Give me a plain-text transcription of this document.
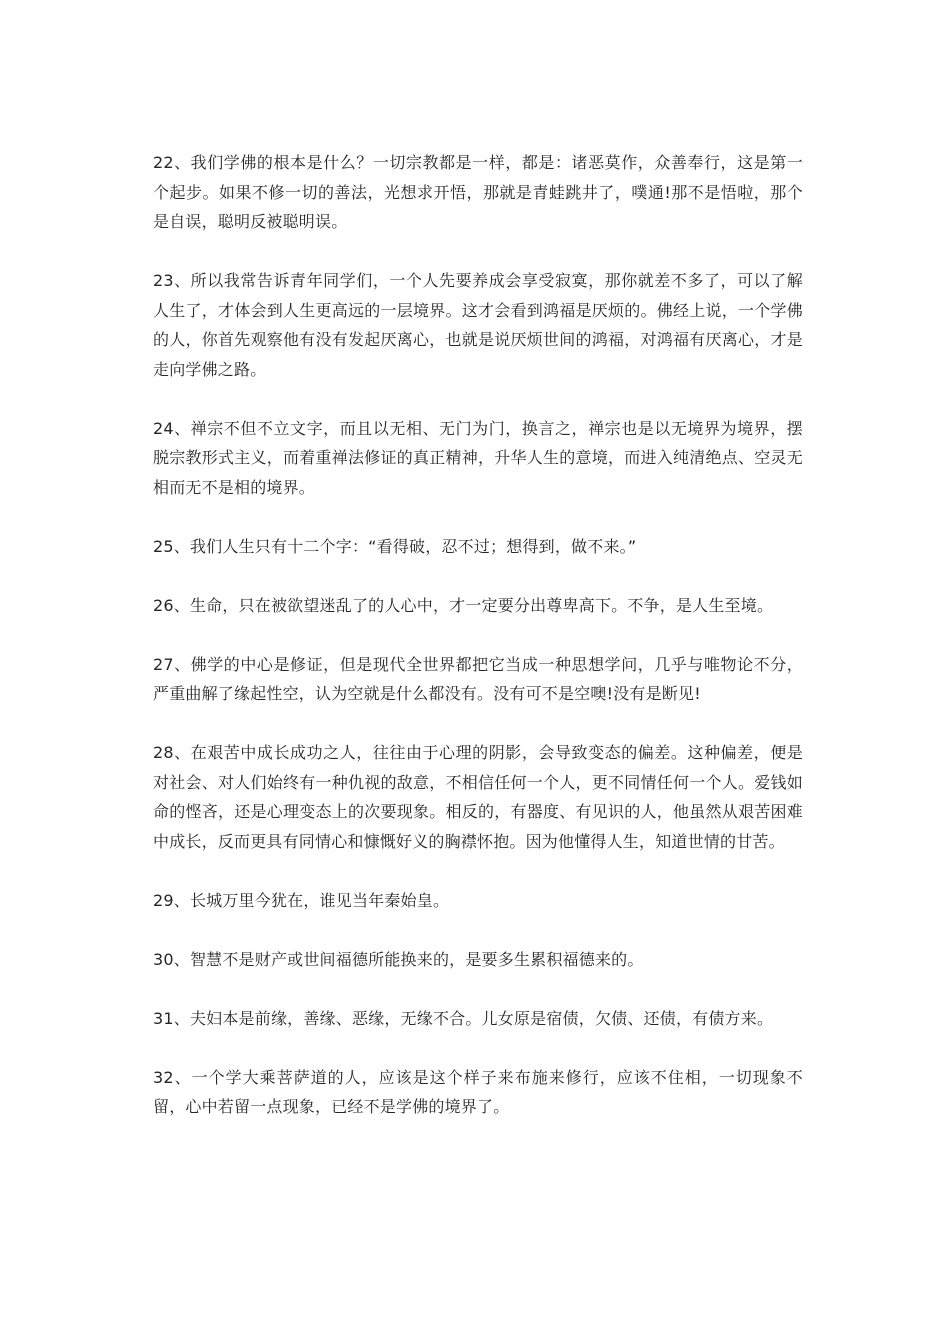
22、我们学佛的根本是什么？一切宗教都是一样，都是：诸恶莫作，众善奉行，这是第一个起步。如果不修一切的善法，光想求开悟，那就是青蛙跳井了，噗通!那不是悟啦，那个是自误，聪明反被聪明误。

23、所以我常告诉青年同学们，一个人先要养成会享受寂寞，那你就差不多了，可以了解人生了，才体会到人生更高远的一层境界。这才会看到鸿福是厌烦的。佛经上说，一个学佛的人，你首先观察他有没有发起厌离心，也就是说厌烦世间的鸿福，对鸿福有厌离心，才是走向学佛之路。

24、禅宗不但不立文字，而且以无相、无门为门，换言之，禅宗也是以无境界为境界，摆脱宗教形式主义，而着重禅法修证的真正精神，升华人生的意境，而进入纯清绝点、空灵无相而无不是相的境界。

25、我们人生只有十二个字：“看得破，忍不过；想得到，做不来。”

26、生命，只在被欲望迷乱了的人心中，才一定要分出尊卑高下。不争，是人生至境。

27、佛学的中心是修证，但是现代全世界都把它当成一种思想学问，几乎与唯物论不分，严重曲解了缘起性空，认为空就是什么都没有。没有可不是空噢!没有是断见!

28、在艰苦中成长成功之人，往往由于心理的阴影，会导致变态的偏差。这种偏差，便是对社会、对人们始终有一种仇视的敌意，不相信任何一个人，更不同情任何一个人。爱钱如命的悭吝，还是心理变态上的次要现象。相反的，有器度、有见识的人，他虽然从艰苦困难中成长，反而更具有同情心和慷慨好义的胸襟怀抱。因为他懂得人生，知道世情的甘苦。

29、长城万里今犹在，谁见当年秦始皇。

30、智慧不是财产或世间福德所能换来的，是要多生累积福德来的。

31、夫妇本是前缘，善缘、恶缘，无缘不合。儿女原是宿债，欠债、还债，有债方来。

32、一个学大乘菩萨道的人，应该是这个样子来布施来修行，应该不住相，一切现象不留，心中若留一点现象，已经不是学佛的境界了。
